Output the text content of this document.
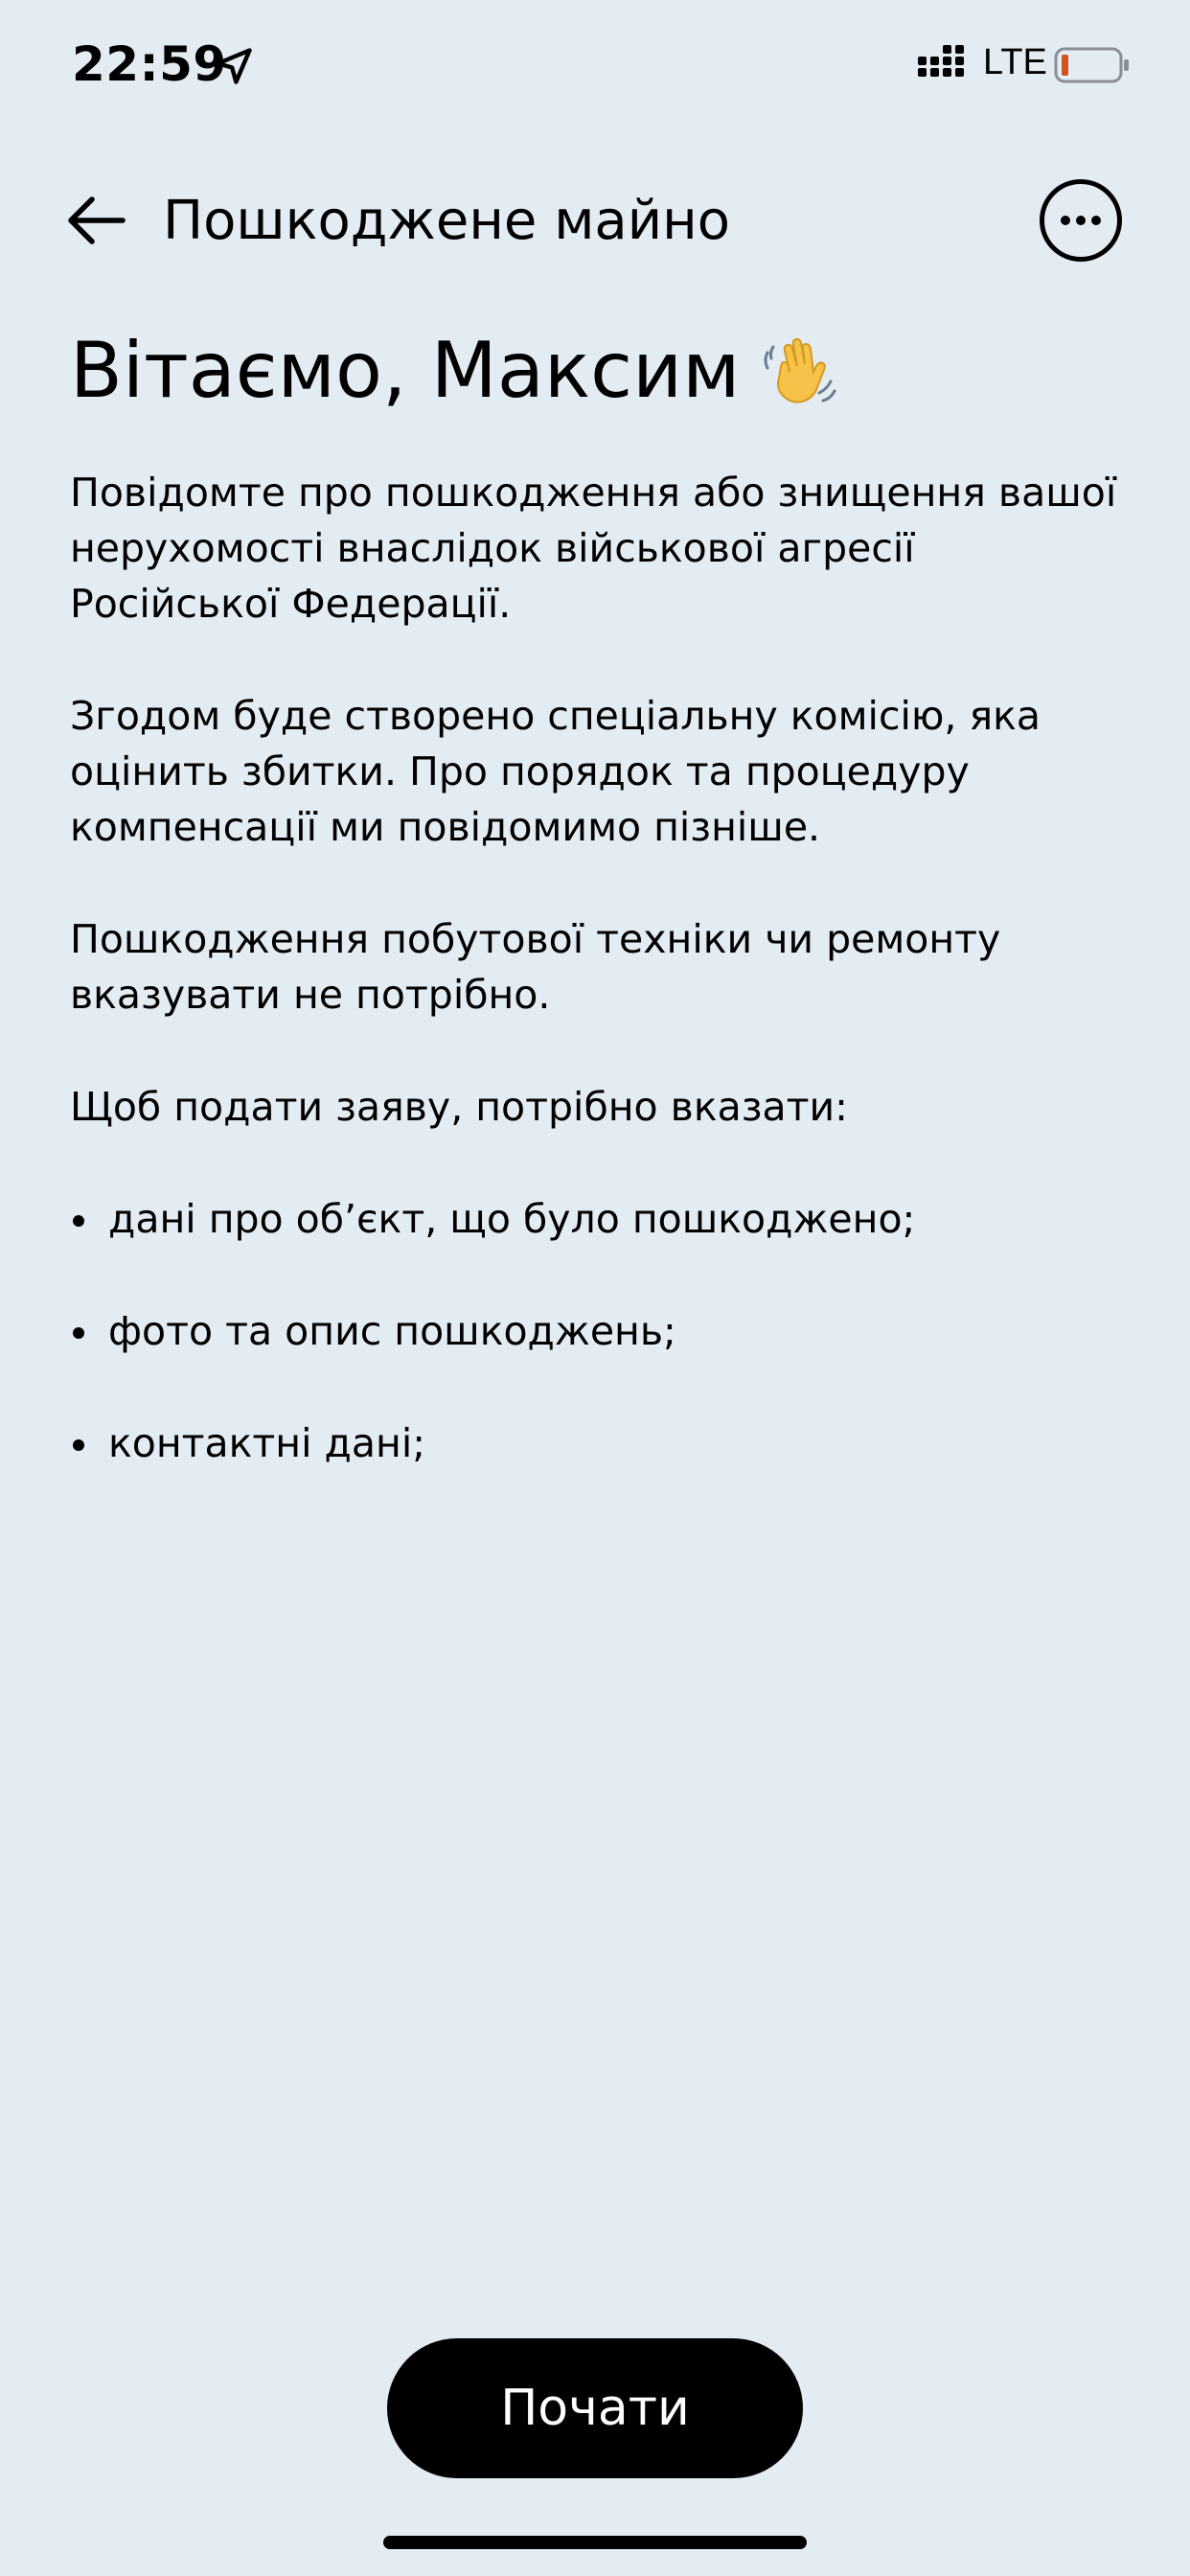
22:59	LTE
Пошкоджене майно
Вітаємо, Максим

Повідомте про пошкодження або знищення вашої нерухомості внаслідок військової агресії Російської Федерації.

Згодом буде створено спеціальну комісію, яка оцінить збитки. Про порядок та процедуру компенсації ми повідомимо пізніше.

Пошкодження побутової техніки чи ремонту вказувати не потрібно.

Щоб подати заяву, потрібно вказати:

дані про об’єкт, що було пошкоджено;
фото та опис пошкоджень;
контактні дані;
Почати
